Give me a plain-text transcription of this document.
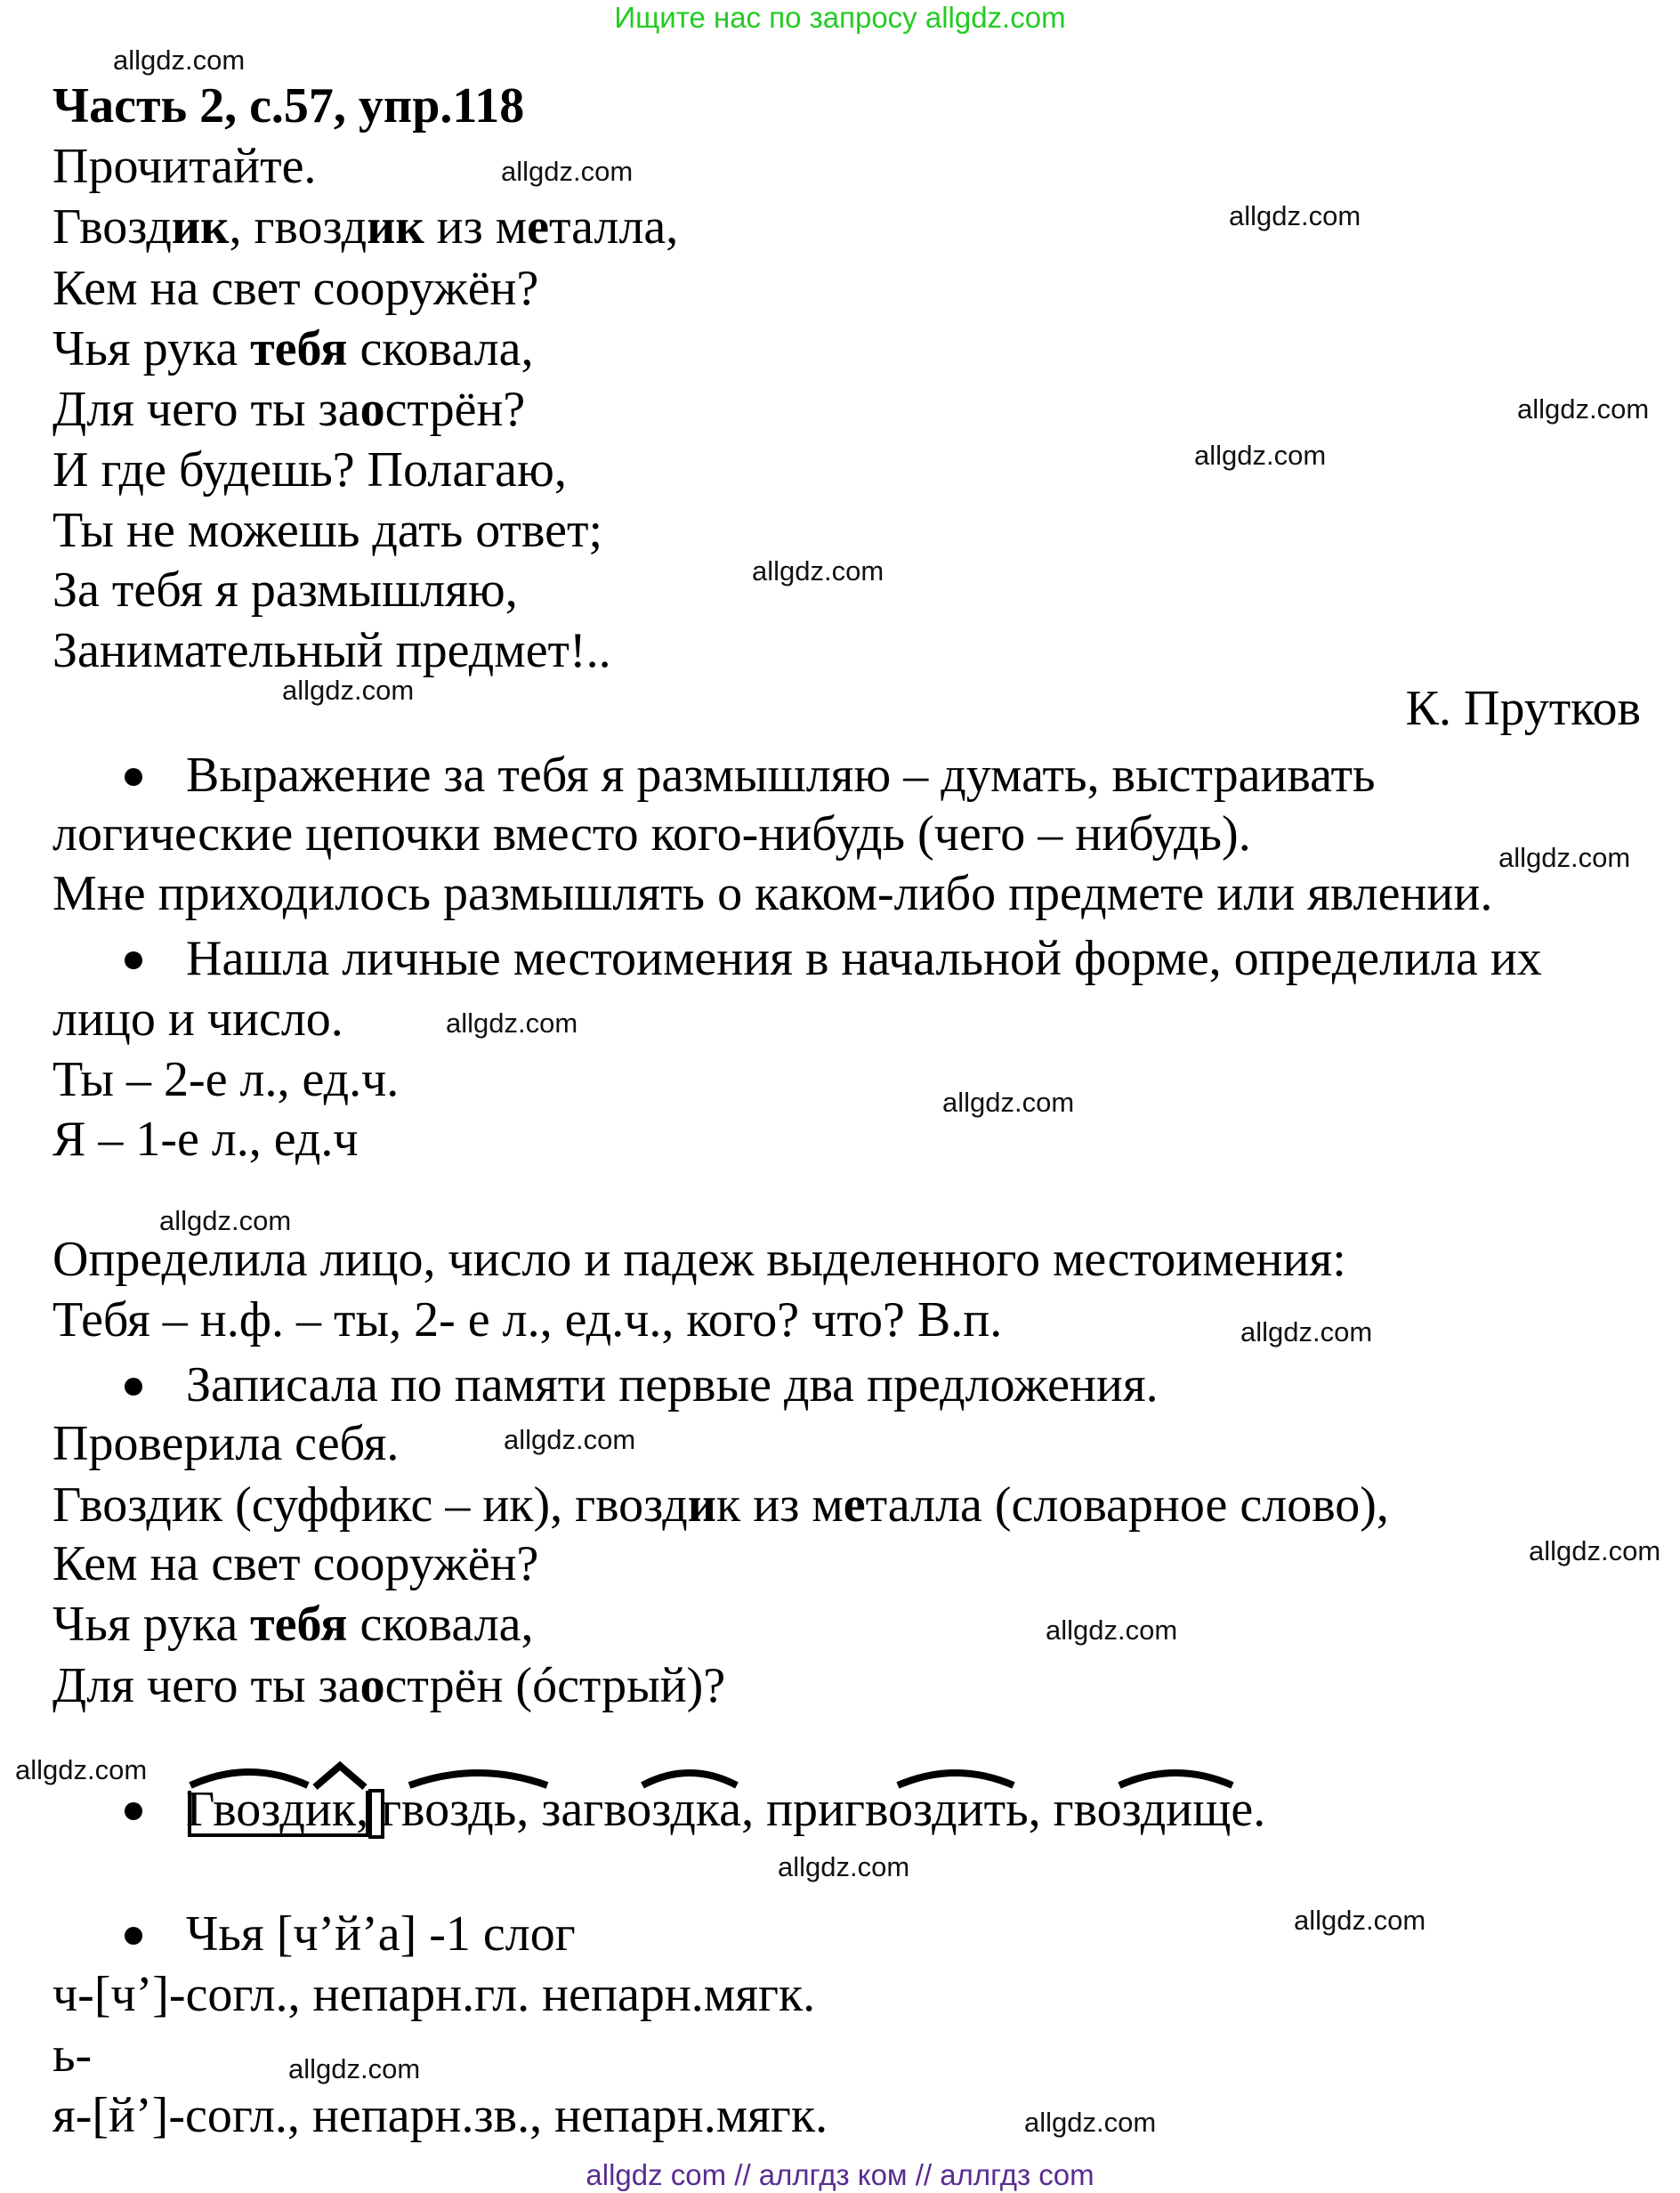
Ищите нас по запросу allgdz.com
Часть 2, с.57, упр.118
Прочитайте.
Гвоздик, гвоздик из металла,
Кем на свет сооружён?
Чья рука тебя сковала,
Для чего ты заострён?
И где будешь? Полагаю,
Ты не можешь дать ответ;
За тебя я размышляю,
Занимательный предмет!..
Выражение за тебя я размышляю – думать, выстраивать
логические цепочки вместо кого-нибудь (чего – нибудь).
Мне приходилось размышлять о каком-либо предмете или явлении.
Нашла личные местоимения в начальной форме, определила их
лицо и число.
Ты – 2-е л., ед.ч.
Я – 1-е л., ед.ч
Определила лицо, число и падеж выделенного местоимения:
Тебя – н.ф. – ты, 2- е л., ед.ч., кого? что? В.п.
Записала по памяти первые два предложения.
Проверила себя.
Гвоздик (суффикс – ик), гвоздик из металла (словарное слово),
Кем на свет сооружён?
Чья рука тебя сковала,
Для чего ты заострён (óстрый)?
Гвоздик, гвоздь, загвоздка, пригвоздить, гвоздище.
Чья [ч’й’а] -1 слог
ч-[ч’]-согл., непарн.гл. непарн.мягк.
ь-
я-[й’]-согл., непарн.зв., непарн.мягк.
К. Прутков
allgdz.com
allgdz.com
allgdz.com
allgdz.com
allgdz.com
allgdz.com
allgdz.com
allgdz.com
allgdz.com
allgdz.com
allgdz.com
allgdz.com
allgdz.com
allgdz.com
allgdz.com
allgdz.com
allgdz.com
allgdz.com
allgdz.com
allgdz.com
allgdz com // аллгдз ком // аллгдз com
